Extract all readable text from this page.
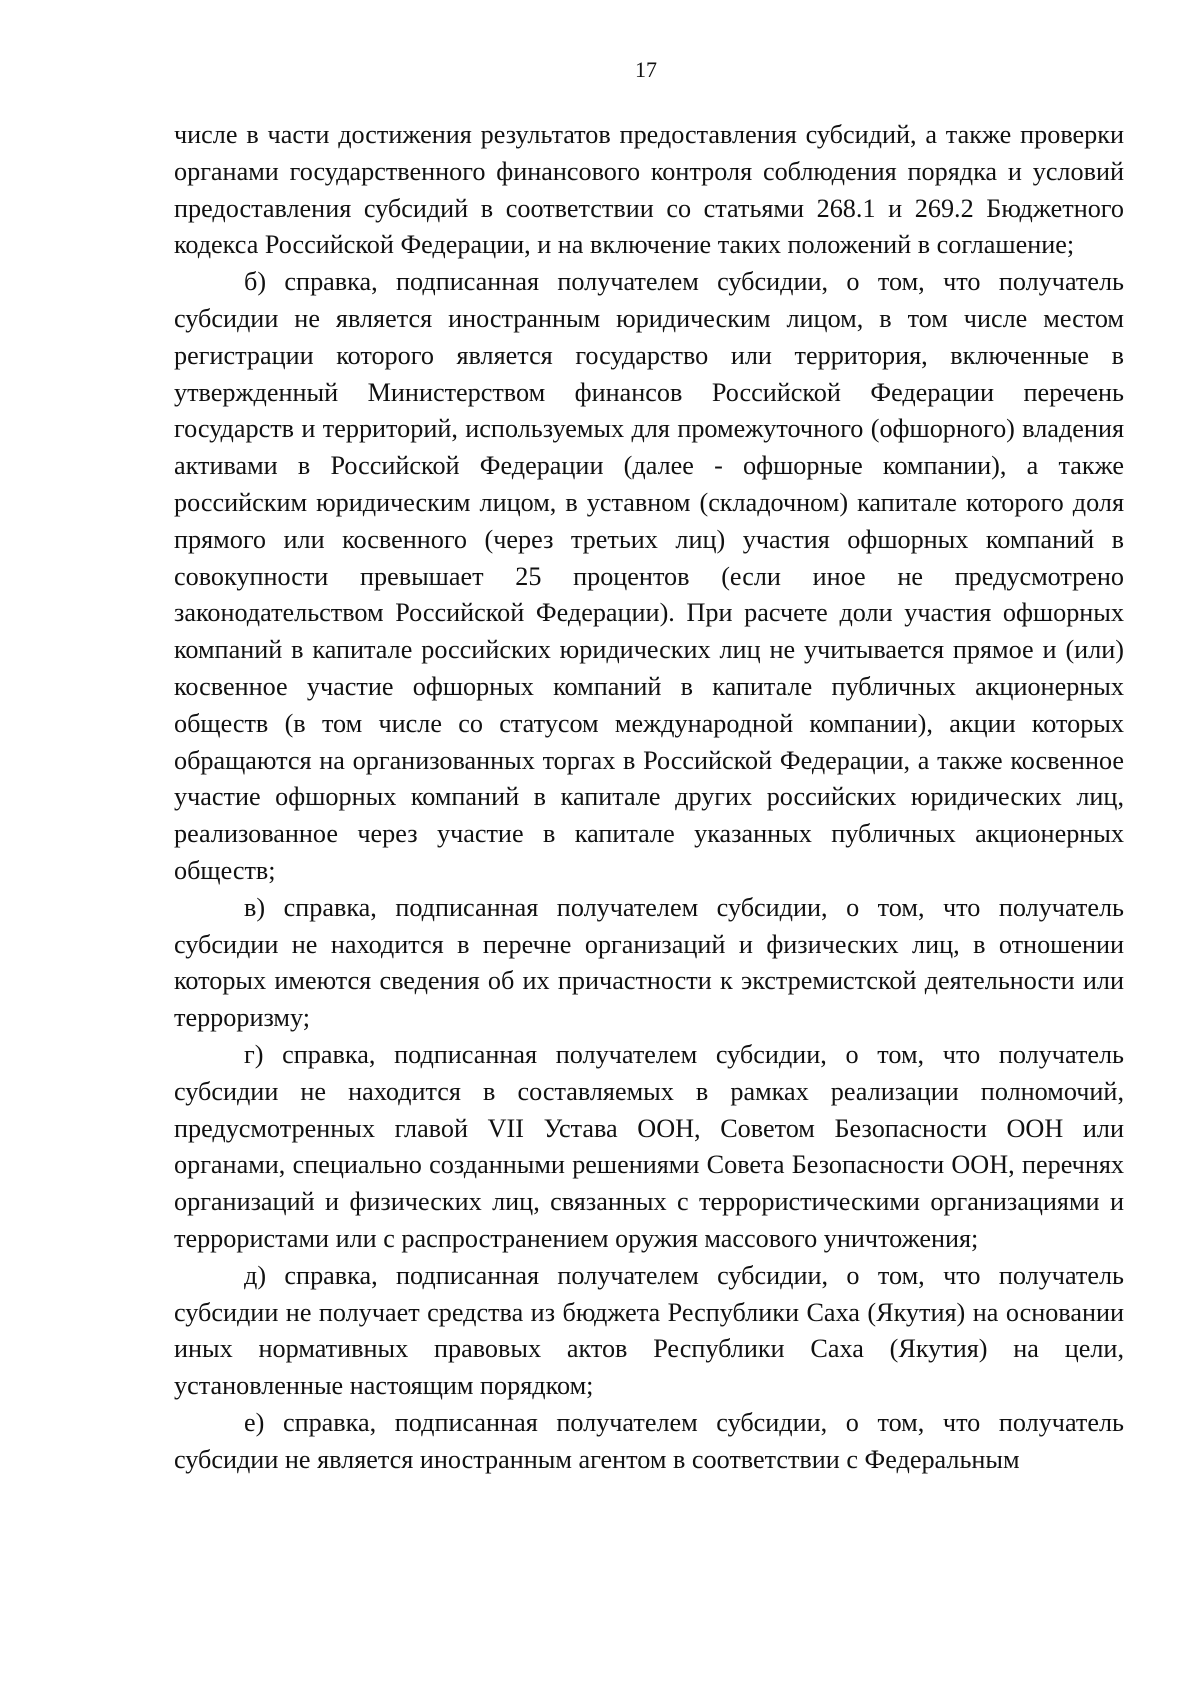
17

числе в части достижения результатов предоставления субсидий, а также проверки органами государственного финансового контроля соблюдения порядка и условий предоставления субсидий в соответствии со статьями 268.1 и 269.2 Бюджетного кодекса Российской Федерации, и на включение таких положений в соглашение;

б) справка, подписанная получателем субсидии, о том, что получатель субсидии не является иностранным юридическим лицом, в том числе местом регистрации которого является государство или территория, включенные в утвержденный Министерством финансов Российской Федерации перечень государств и территорий, используемых для промежуточного (офшорного) владения активами в Российской Федерации (далее - офшорные компании), а также российским юридическим лицом, в уставном (складочном) капитале которого доля прямого или косвенного (через третьих лиц) участия офшорных компаний в совокупности превышает 25 процентов (если иное не предусмотрено законодательством Российской Федерации). При расчете доли участия офшорных компаний в капитале российских юридических лиц не учитывается прямое и (или) косвенное участие офшорных компаний в капитале публичных акционерных обществ (в том числе со статусом международной компании), акции которых обращаются на организованных торгах в Российской Федерации, а также косвенное участие офшорных компаний в капитале других российских юридических лиц, реализованное через участие в капитале указанных публичных акционерных обществ;

в) справка, подписанная получателем субсидии, о том, что получатель субсидии не находится в перечне организаций и физических лиц, в отношении которых имеются сведения об их причастности к экстремистской деятельности или терроризму;

г) справка, подписанная получателем субсидии, о том, что получатель субсидии не находится в составляемых в рамках реализации полномочий, предусмотренных главой VII Устава ООН, Советом Безопасности ООН или органами, специально созданными решениями Совета Безопасности ООН, перечнях организаций и физических лиц, связанных с террористическими организациями и террористами или с распространением оружия массового уничтожения;

д) справка, подписанная получателем субсидии, о том, что получатель субсидии не получает средства из бюджета Республики Саха (Якутия) на основании иных нормативных правовых актов Республики Саха (Якутия) на цели, установленные настоящим порядком;

е) справка, подписанная получателем субсидии, о том, что получатель субсидии не является иностранным агентом в соответствии с Федеральным
